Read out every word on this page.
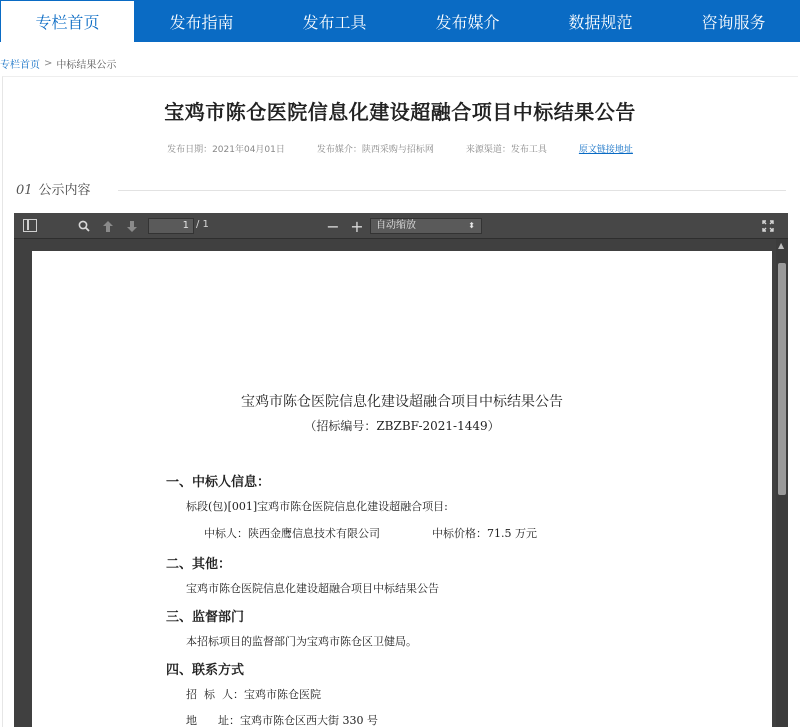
专栏首页	发布指南	发布工具	发布媒介	数据规范	咨询服务
专栏首页 > 中标结果公示
宝鸡市陈仓医院信息化建设超融合项目中标结果公告
发布日期：2021年04月01日	发布媒介：陕西采购与招标网	来源渠道：发布工具	原文链接地址
01 公示内容
1 / 1	− +	自动缩放	⬍
宝鸡市陈仓医院信息化建设超融合项目中标结果公告
（招标编号：ZBZBF-2021-1449）
一、中标人信息：
标段(包)[001]宝鸡市陈仓医院信息化建设超融合项目:
中标人：陕西金鹰信息技术有限公司	中标价格：71.5 万元
二、其他：
宝鸡市陈仓医院信息化建设超融合项目中标结果公告
三、监督部门
本招标项目的监督部门为宝鸡市陈仓区卫健局。
四、联系方式
招  标  人：宝鸡市陈仓医院
地      址：宝鸡市陈仓区西大街 330 号
▲
